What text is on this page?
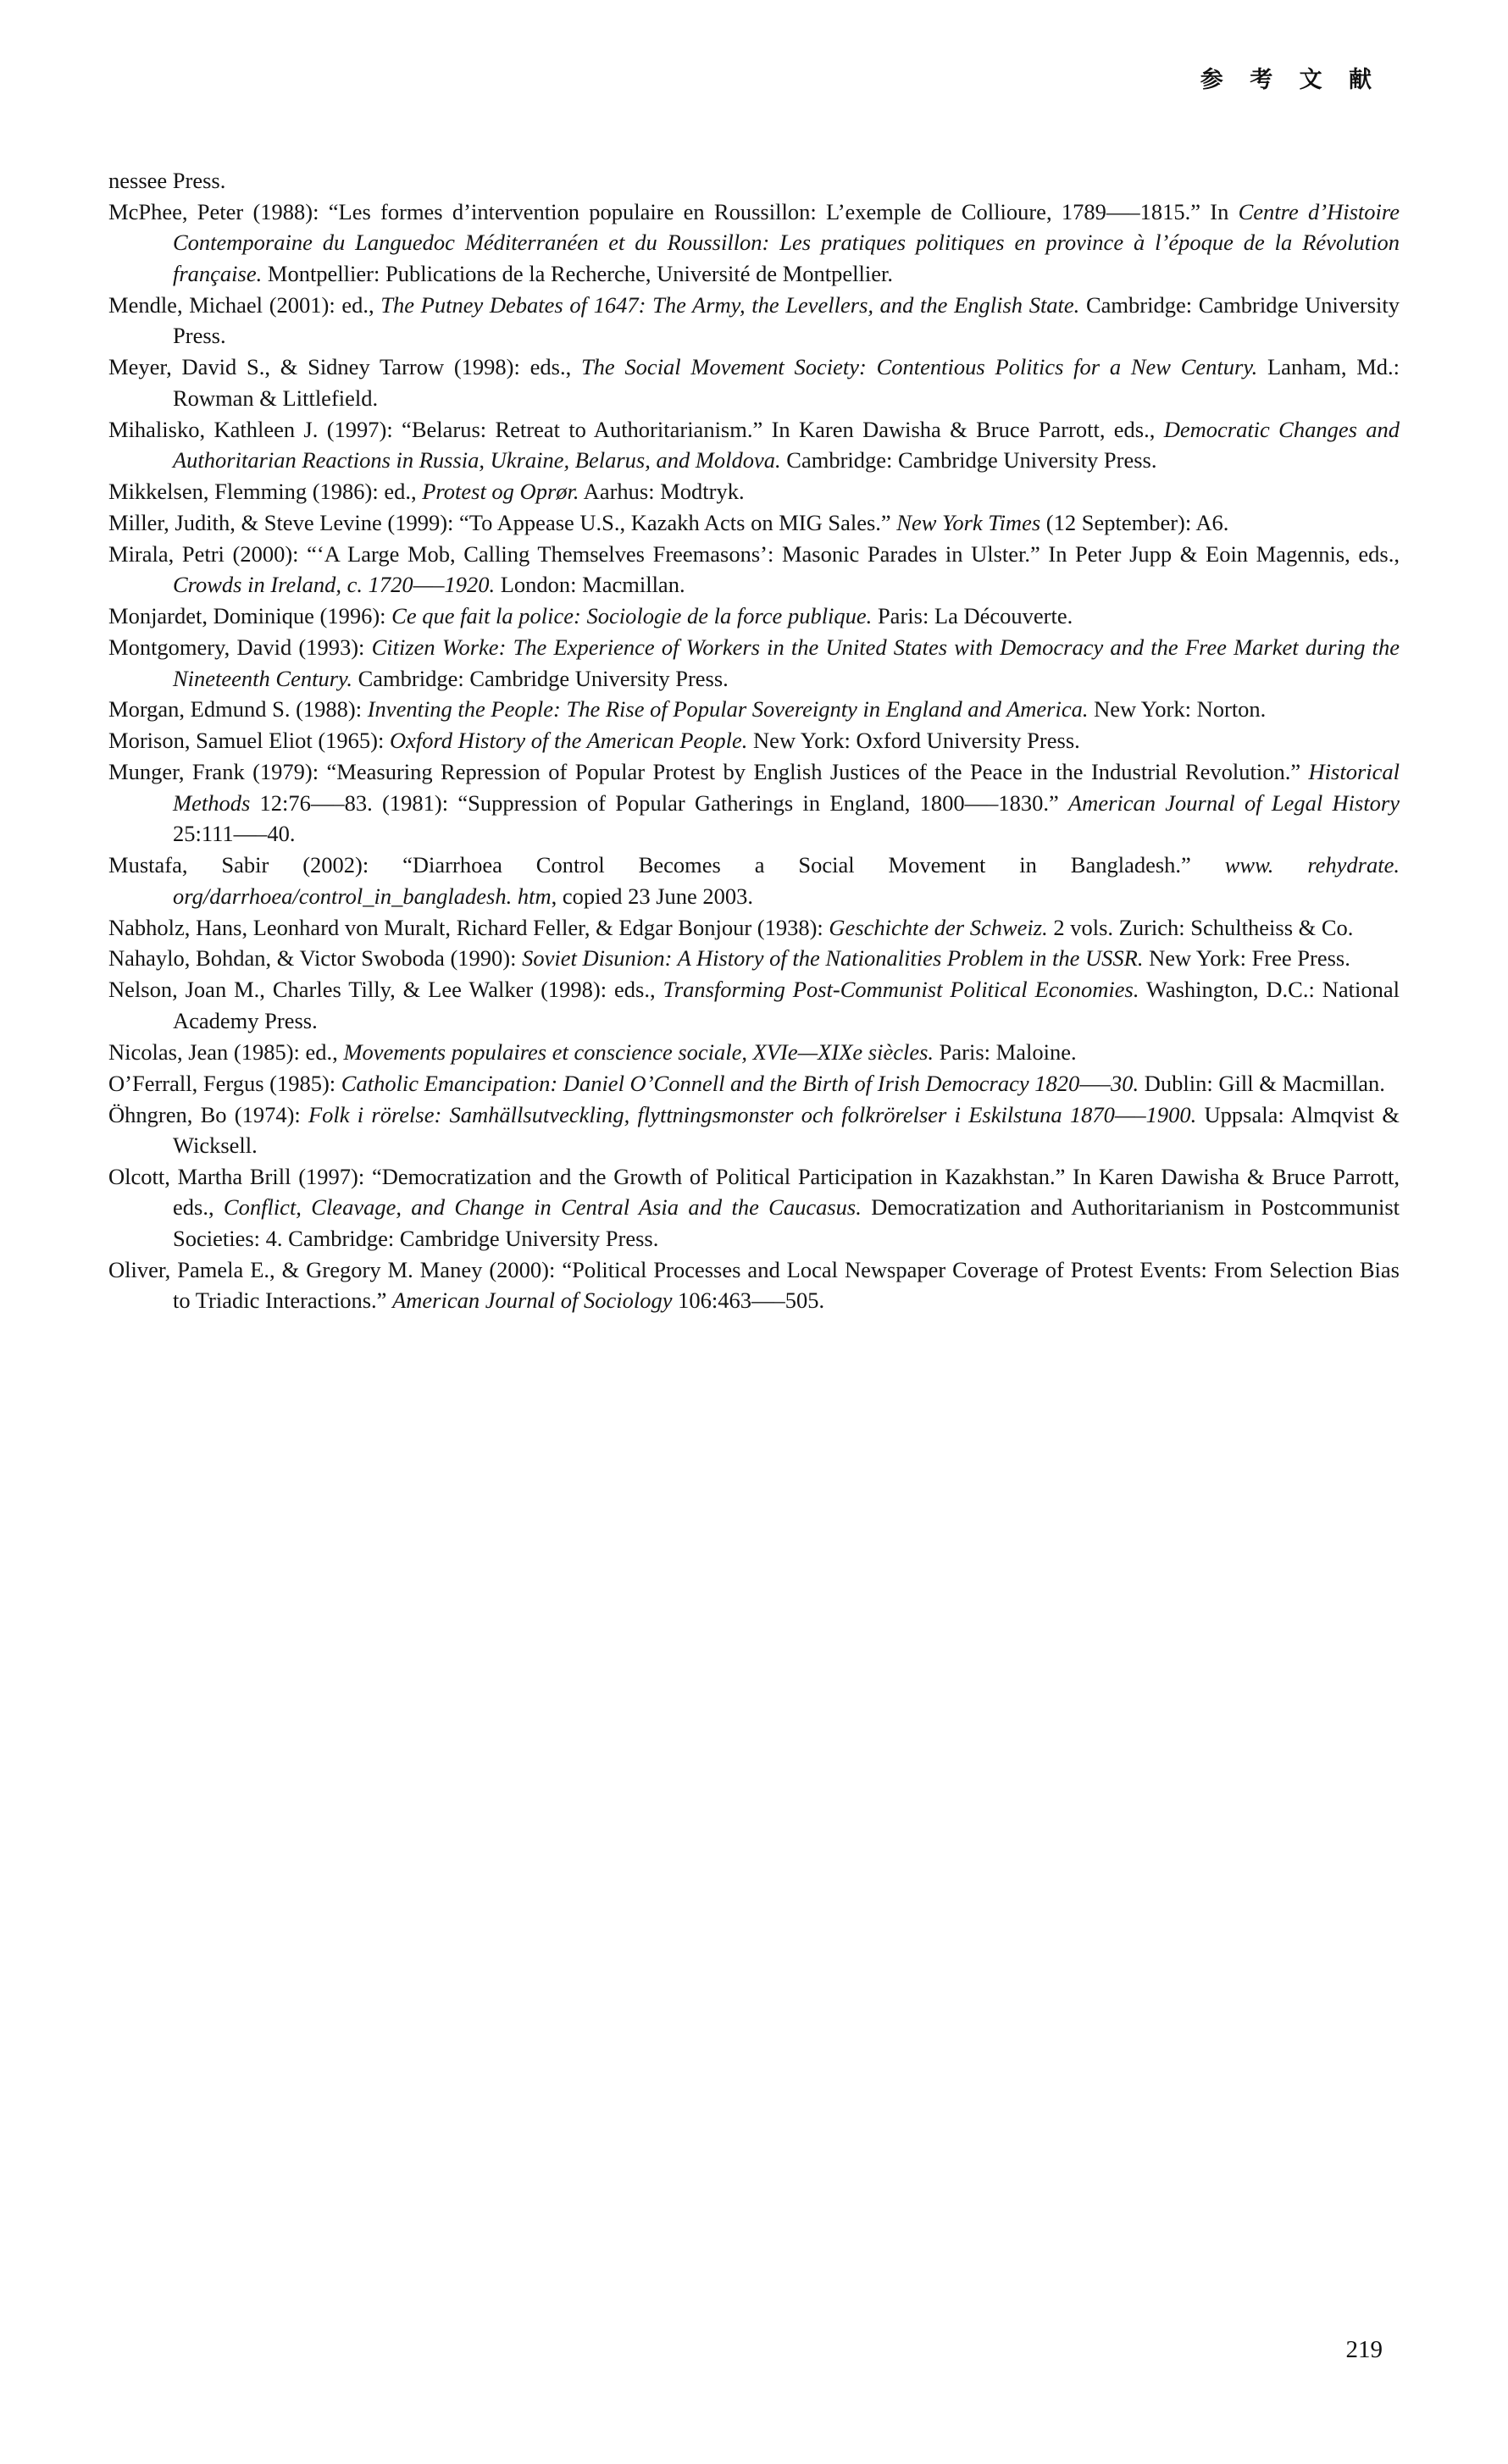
参 考 文 献

nessee Press.

McPhee, Peter (1988): “Les formes d’intervention populaire en Roussillon: L’exemple de Collioure, 1789—–1815.” In Centre d’Histoire Contemporaine du Languedoc Méditerranéen et du Roussillon: Les pratiques politiques en province à l’époque de la Révolution française. Montpellier: Publications de la Recherche, Université de Montpellier.

Mendle, Michael (2001): ed., The Putney Debates of 1647: The Army, the Levellers, and the English State. Cambridge: Cambridge University Press.

Meyer, David S., & Sidney Tarrow (1998): eds., The Social Movement Society: Contentious Politics for a New Century. Lanham, Md.: Rowman & Littlefield.

Mihalisko, Kathleen J. (1997): “Belarus: Retreat to Authoritarianism.” In Karen Dawisha & Bruce Parrott, eds., Democratic Changes and Authoritarian Reactions in Russia, Ukraine, Belarus, and Moldova. Cambridge: Cambridge University Press.

Mikkelsen, Flemming (1986): ed., Protest og Oprør. Aarhus: Modtryk.

Miller, Judith, & Steve Levine (1999): “To Appease U.S., Kazakh Acts on MIG Sales.” New York Times (12 September): A6.

Mirala, Petri (2000): “‘A Large Mob, Calling Themselves Freemasons’: Masonic Parades in Ulster.” In Peter Jupp & Eoin Magennis, eds., Crowds in Ireland, c. 1720—–1920. London: Macmillan.

Monjardet, Dominique (1996): Ce que fait la police: Sociologie de la force publique. Paris: La Découverte.

Montgomery, David (1993): Citizen Worke: The Experience of Workers in the United States with Democracy and the Free Market during the Nineteenth Century. Cambridge: Cambridge University Press.

Morgan, Edmund S. (1988): Inventing the People: The Rise of Popular Sovereignty in England and America. New York: Norton.

Morison, Samuel Eliot (1965): Oxford History of the American People. New York: Oxford University Press.

Munger, Frank (1979): “Measuring Repression of Popular Protest by English Justices of the Peace in the Industrial Revolution.” Historical Methods 12:76—–83. (1981): “Suppression of Popular Gatherings in England, 1800—–1830.” American Journal of Legal History 25:111—–40.

Mustafa, Sabir (2002): “Diarrhoea Control Becomes a Social Movement in Bangladesh.” www. rehydrate. org/darrhoea/control_in_bangladesh. htm, copied 23 June 2003.

Nabholz, Hans, Leonhard von Muralt, Richard Feller, & Edgar Bonjour (1938): Geschichte der Schweiz. 2 vols. Zurich: Schultheiss & Co.

Nahaylo, Bohdan, & Victor Swoboda (1990): Soviet Disunion: A History of the Nationalities Problem in the USSR. New York: Free Press.

Nelson, Joan M., Charles Tilly, & Lee Walker (1998): eds., Transforming Post-Communist Political Economies. Washington, D.C.: National Academy Press.

Nicolas, Jean (1985): ed., Movements populaires et conscience sociale, XVIe—XIXe siècles. Paris: Maloine.

O’Ferrall, Fergus (1985): Catholic Emancipation: Daniel O’Connell and the Birth of Irish Democracy 1820—–30. Dublin: Gill & Macmillan.

Öhngren, Bo (1974): Folk i rörelse: Samhällsutveckling, flyttningsmonster och folkrörelser i Eskilstuna 1870—–1900. Uppsala: Almqvist & Wicksell.

Olcott, Martha Brill (1997): “Democratization and the Growth of Political Participation in Kazakhstan.” In Karen Dawisha & Bruce Parrott, eds., Conflict, Cleavage, and Change in Central Asia and the Caucasus. Democratization and Authoritarianism in Postcommunist Societies: 4. Cambridge: Cambridge University Press.

Oliver, Pamela E., & Gregory M. Maney (2000): “Political Processes and Local Newspaper Coverage of Protest Events: From Selection Bias to Triadic Interactions.” American Journal of Sociology 106:463—–505.

219
